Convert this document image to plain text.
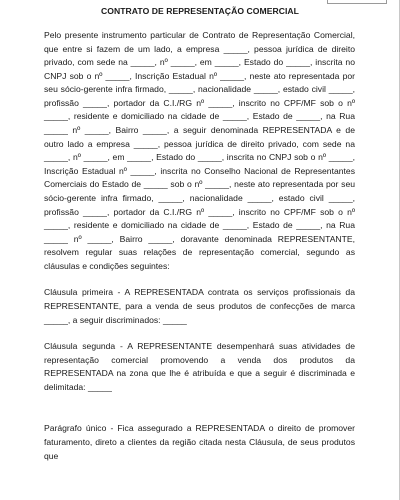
CONTRATO DE REPRESENTAÇÃO COMERCIAL

Pelo presente instrumento particular de Contrato de Representação Comercial, que entre si fazem de um lado, a empresa _____, pessoa jurídica de direito privado, com sede na _____, nº _____, em _____, Estado do _____, inscrita no CNPJ sob o nº _____, Inscrição Estadual nº _____, neste ato representada por seu sócio-gerente infra firmado, _____, nacionalidade _____, estado civil _____, profissão _____, portador da C.I./RG nº _____, inscrito no CPF/MF sob o nº _____, residente e domiciliado na cidade de _____, Estado de _____, na Rua _____ nº _____, Bairro _____, a seguir denominada REPRESENTADA e de outro lado a empresa _____, pessoa jurídica de direito privado, com sede na _____, nº _____, em _____, Estado do _____, inscrita no CNPJ sob o nº _____, Inscrição Estadual nº _____, inscrita no Conselho Nacional de Representantes Comerciais do Estado de _____ sob o nº _____, neste ato representada por seu sócio-gerente infra firmado, _____, nacionalidade _____, estado civil _____, profissão _____, portador da C.I./RG nº _____, inscrito no CPF/MF sob o nº _____, residente e domiciliado na cidade de _____, Estado de _____, na Rua _____ nº _____, Bairro _____, doravante denominada REPRESENTANTE, resolvem regular suas relações de representação comercial, segundo as cláusulas e condições seguintes:

Cláusula primeira - A REPRESENTADA contrata os serviços profissionais da REPRESENTANTE, para a venda de seus produtos de confecções de marca _____, a seguir discriminados: _____

Cláusula segunda - A REPRESENTANTE desempenhará suas atividades de representação comercial promovendo a venda dos produtos da REPRESENTADA na zona que lhe é atribuída e que a seguir é discriminada e delimitada: _____

Parágrafo único - Fica assegurado a REPRESENTADA o direito de promover faturamento, direto a clientes da região citada nesta Cláusula, de seus produtos que
